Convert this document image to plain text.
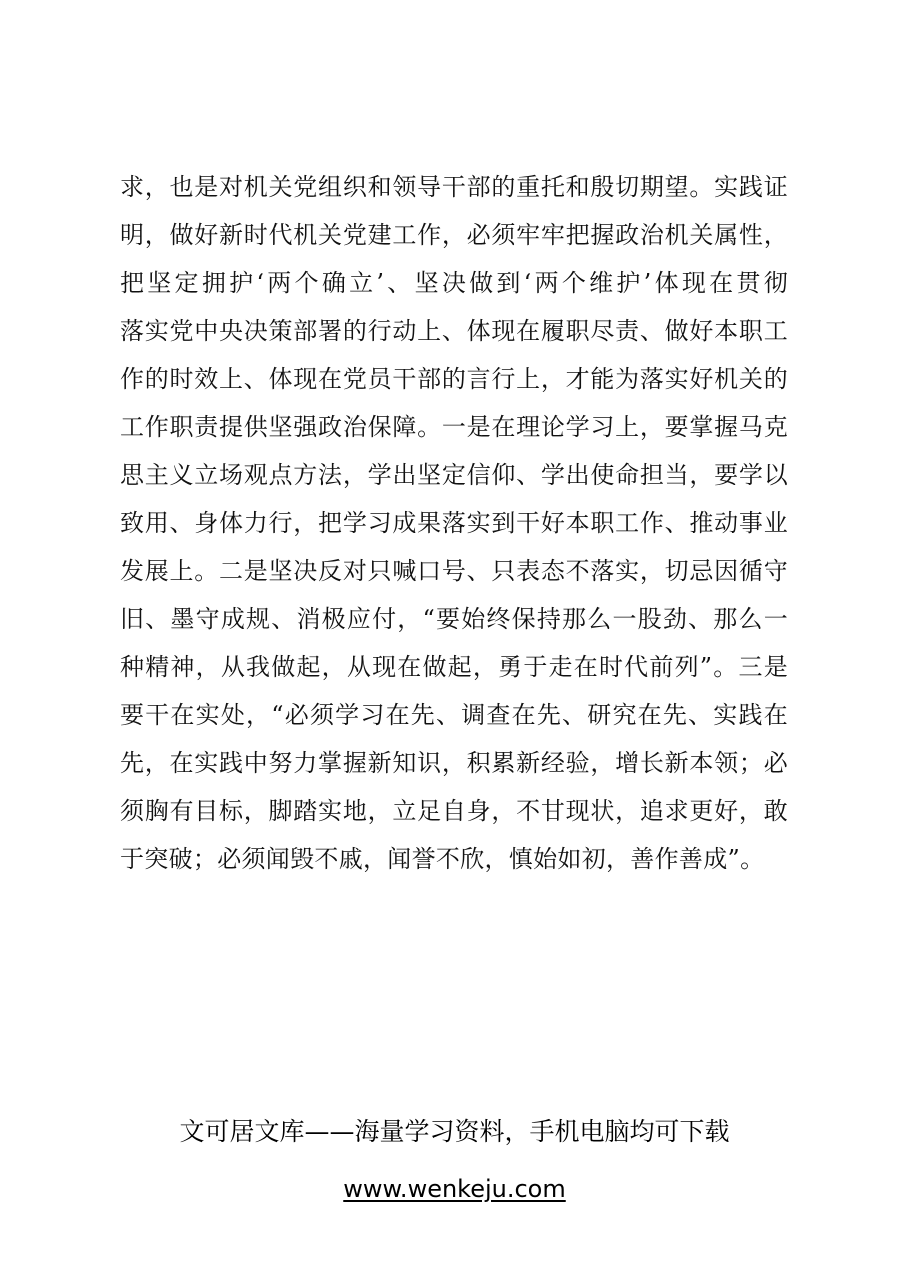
求，也是对机关党组织和领导干部的重托和殷切期望。实践证
明，做好新时代机关党建工作，必须牢牢把握政治机关属性，
把坚定拥护‘两个确立’、坚决做到‘两个维护’体现在贯彻
落实党中央决策部署的行动上、体现在履职尽责、做好本职工
作的时效上、体现在党员干部的言行上，才能为落实好机关的
工作职责提供坚强政治保障。一是在理论学习上，要掌握马克
思主义立场观点方法，学出坚定信仰、学出使命担当，要学以
致用、身体力行，把学习成果落实到干好本职工作、推动事业
发展上。二是坚决反对只喊口号、只表态不落实，切忌因循守
旧、墨守成规、消极应付，“要始终保持那么一股劲、那么一
种精神，从我做起，从现在做起，勇于走在时代前列”。三是
要干在实处，“必须学习在先、调查在先、研究在先、实践在
先，在实践中努力掌握新知识，积累新经验，增长新本领；必
须胸有目标，脚踏实地，立足自身，不甘现状，追求更好，敢
于突破；必须闻毁不戚，闻誉不欣，慎始如初，善作善成”。
文可居文库——海量学习资料，手机电脑均可下载
www.wenkeju.com
